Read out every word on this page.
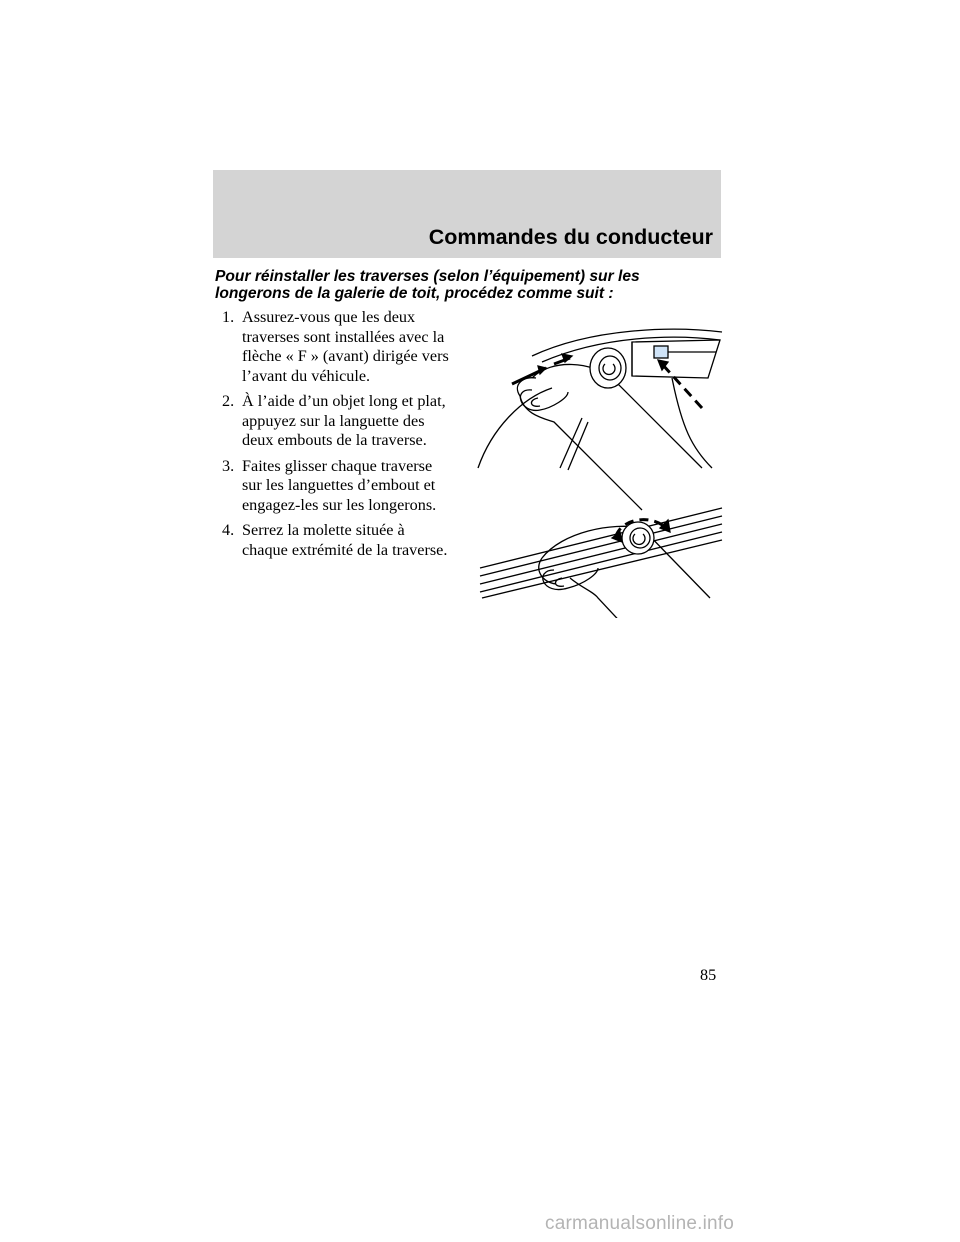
Commandes du conducteur
Pour réinstaller les traverses (selon l’équipement) sur les
longerons de la galerie de toit, procédez comme suit :
1. Assurez-vous que les deux
traverses sont installées avec la
flèche « F » (avant) dirigée vers
l’avant du véhicule.
2. À l’aide d’un objet long et plat,
appuyez sur la languette des
deux embouts de la traverse.
3. Faites glisser chaque traverse
sur les languettes d’embout et
engagez-les sur les longerons.
4. Serrez la molette située à
chaque extrémité de la traverse.
85
carmanualsonline.info
